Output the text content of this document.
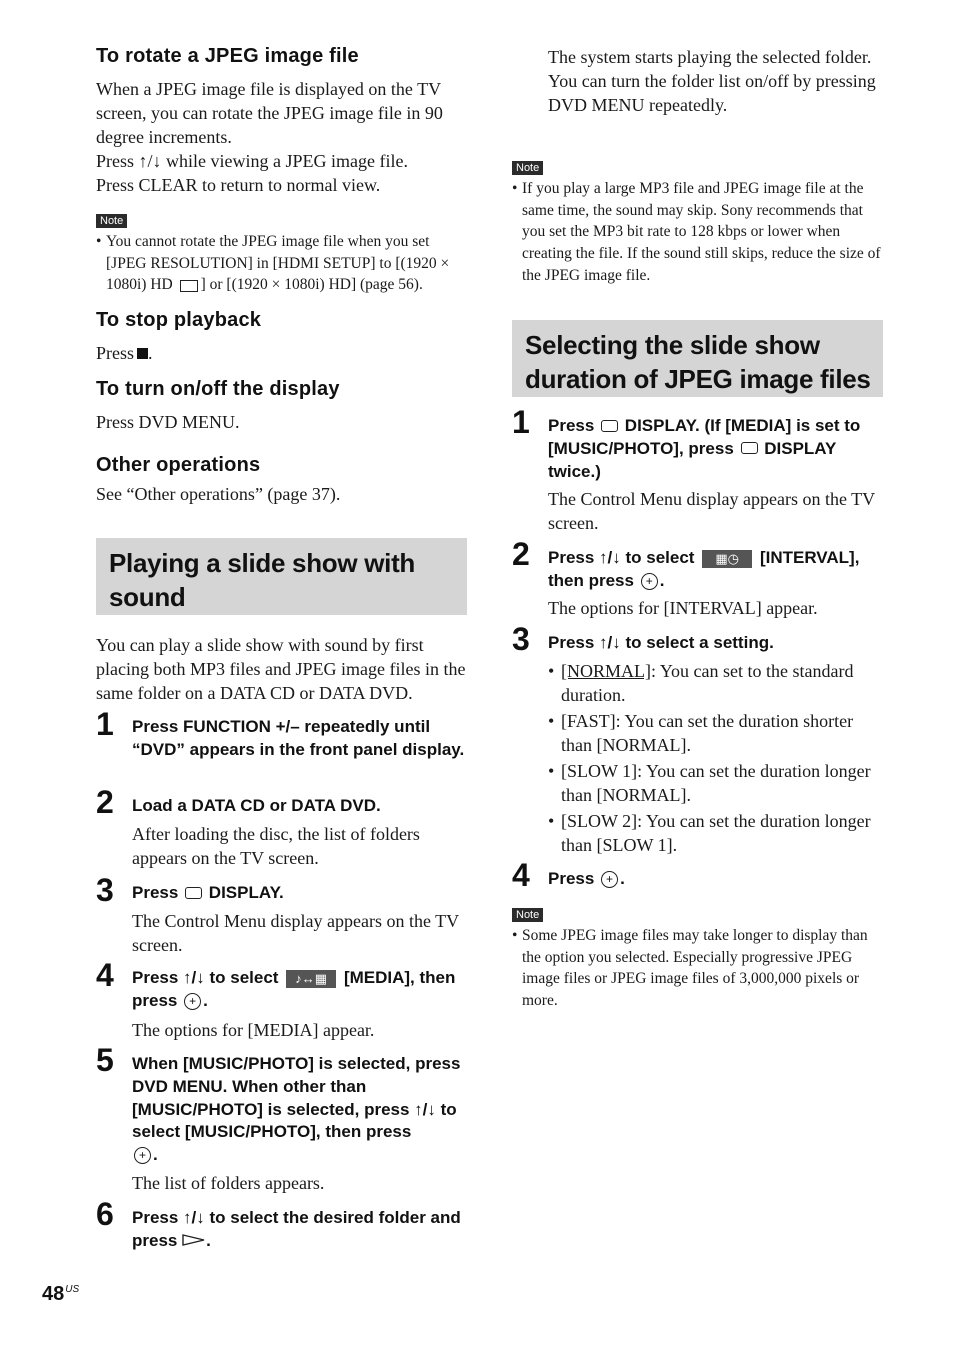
To rotate a JPEG image file

When a JPEG image file is displayed on the TV screen, you can rotate the JPEG image file in 90 degree increments.
Press ↑/↓ while viewing a JPEG image file.
Press CLEAR to return to normal view.

Note

• You cannot rotate the JPEG image file when you set [JPEG RESOLUTION] in [HDMI SETUP] to [(1920 × 1080i) HD ] or [(1920 × 1080i) HD] (page 56).

To stop playback

Press .

To turn on/off the display

Press DVD MENU.

Other operations

See “Other operations” (page 37).

Playing a slide show with sound

You can play a slide show with sound by first placing both MP3 files and JPEG image files in the same folder on a DATA CD or DATA DVD.

1 Press FUNCTION +/– repeatedly until “DVD” appears in the front panel display.

2 Load a DATA CD or DATA DVD.

After loading the disc, the list of folders appears on the TV screen.

3 Press DISPLAY.

The Control Menu display appears on the TV screen.

4 Press ↑/↓ to select ♪↔▦ [MEDIA], then press + .

The options for [MEDIA] appear.

5 When [MUSIC/PHOTO] is selected, press DVD MENU. When other than [MUSIC/PHOTO] is selected, press ↑/↓ to select [MUSIC/PHOTO], then press
+ .

The list of folders appears.

6 Press ↑/↓ to select the desired folder and press .

The system starts playing the selected folder.
You can turn the folder list on/off by pressing DVD MENU repeatedly.

Note

• If you play a large MP3 file and JPEG image file at the same time, the sound may skip. Sony recommends that you set the MP3 bit rate to 128 kbps or lower when creating the file. If the sound still skips, reduce the size of the JPEG image file.

Selecting the slide show duration of JPEG image files
1 Press DISPLAY. (If [MEDIA] is set to [MUSIC/PHOTO], press DISPLAY twice.)

The Control Menu display appears on the TV screen.

2 Press ↑/↓ to select ▦◷ [INTERVAL], then press + .

The options for [INTERVAL] appear.

3 Press ↑/↓ to select a setting.

• [NORMAL]: You can set to the standard duration.
• [FAST]: You can set the duration shorter than [NORMAL].
• [SLOW 1]: You can set the duration longer than [NORMAL].
• [SLOW 2]: You can set the duration longer than [SLOW 1].
4 Press + .

Note

• Some JPEG image files may take longer to display than the option you selected. Especially progressive JPEG image files or JPEG image files of 3,000,000 pixels or more.

$48^{US}$
